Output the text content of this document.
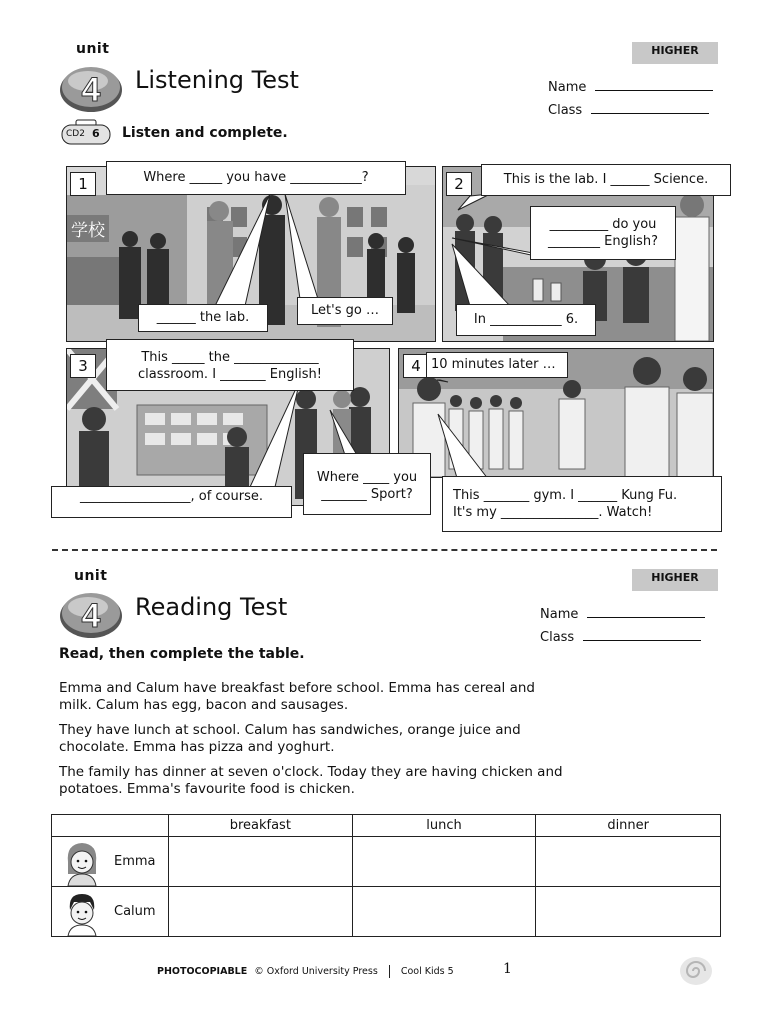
unit	HIGHER
4 Listening Test	Name
Class
CD2 6 Listen and complete.
学校
1	2
3	4
Where _____ you have ___________?
______ the lab.	Let's go …
This is the lab. I ______ Science.
_________ do you
________ English?
In ___________ 6.
This _____ the _____________
classroom. I _______ English!
_________________, of course.
Where ____ you
_______ Sport?
10 minutes later …
This _______ gym. I ______ Kung Fu.
It's my _______________. Watch!
unit	HIGHER
4 Reading Test	Name
Class
Read, then complete the table.

Emma and Calum have breakfast before school. Emma has cereal and milk. Calum has egg, bacon and sausages.

They have lunch at school. Calum has sandwiches, orange juice and chocolate. Emma has pizza and yoghurt.

The family has dinner at seven o'clock. Today they are having chicken and potatoes. Emma's favourite food is chicken.

	breakfast	lunch	dinner

Emma			

Calum			

PHOTOCOPIABLE © Oxford University Press Cool Kids 5	1
